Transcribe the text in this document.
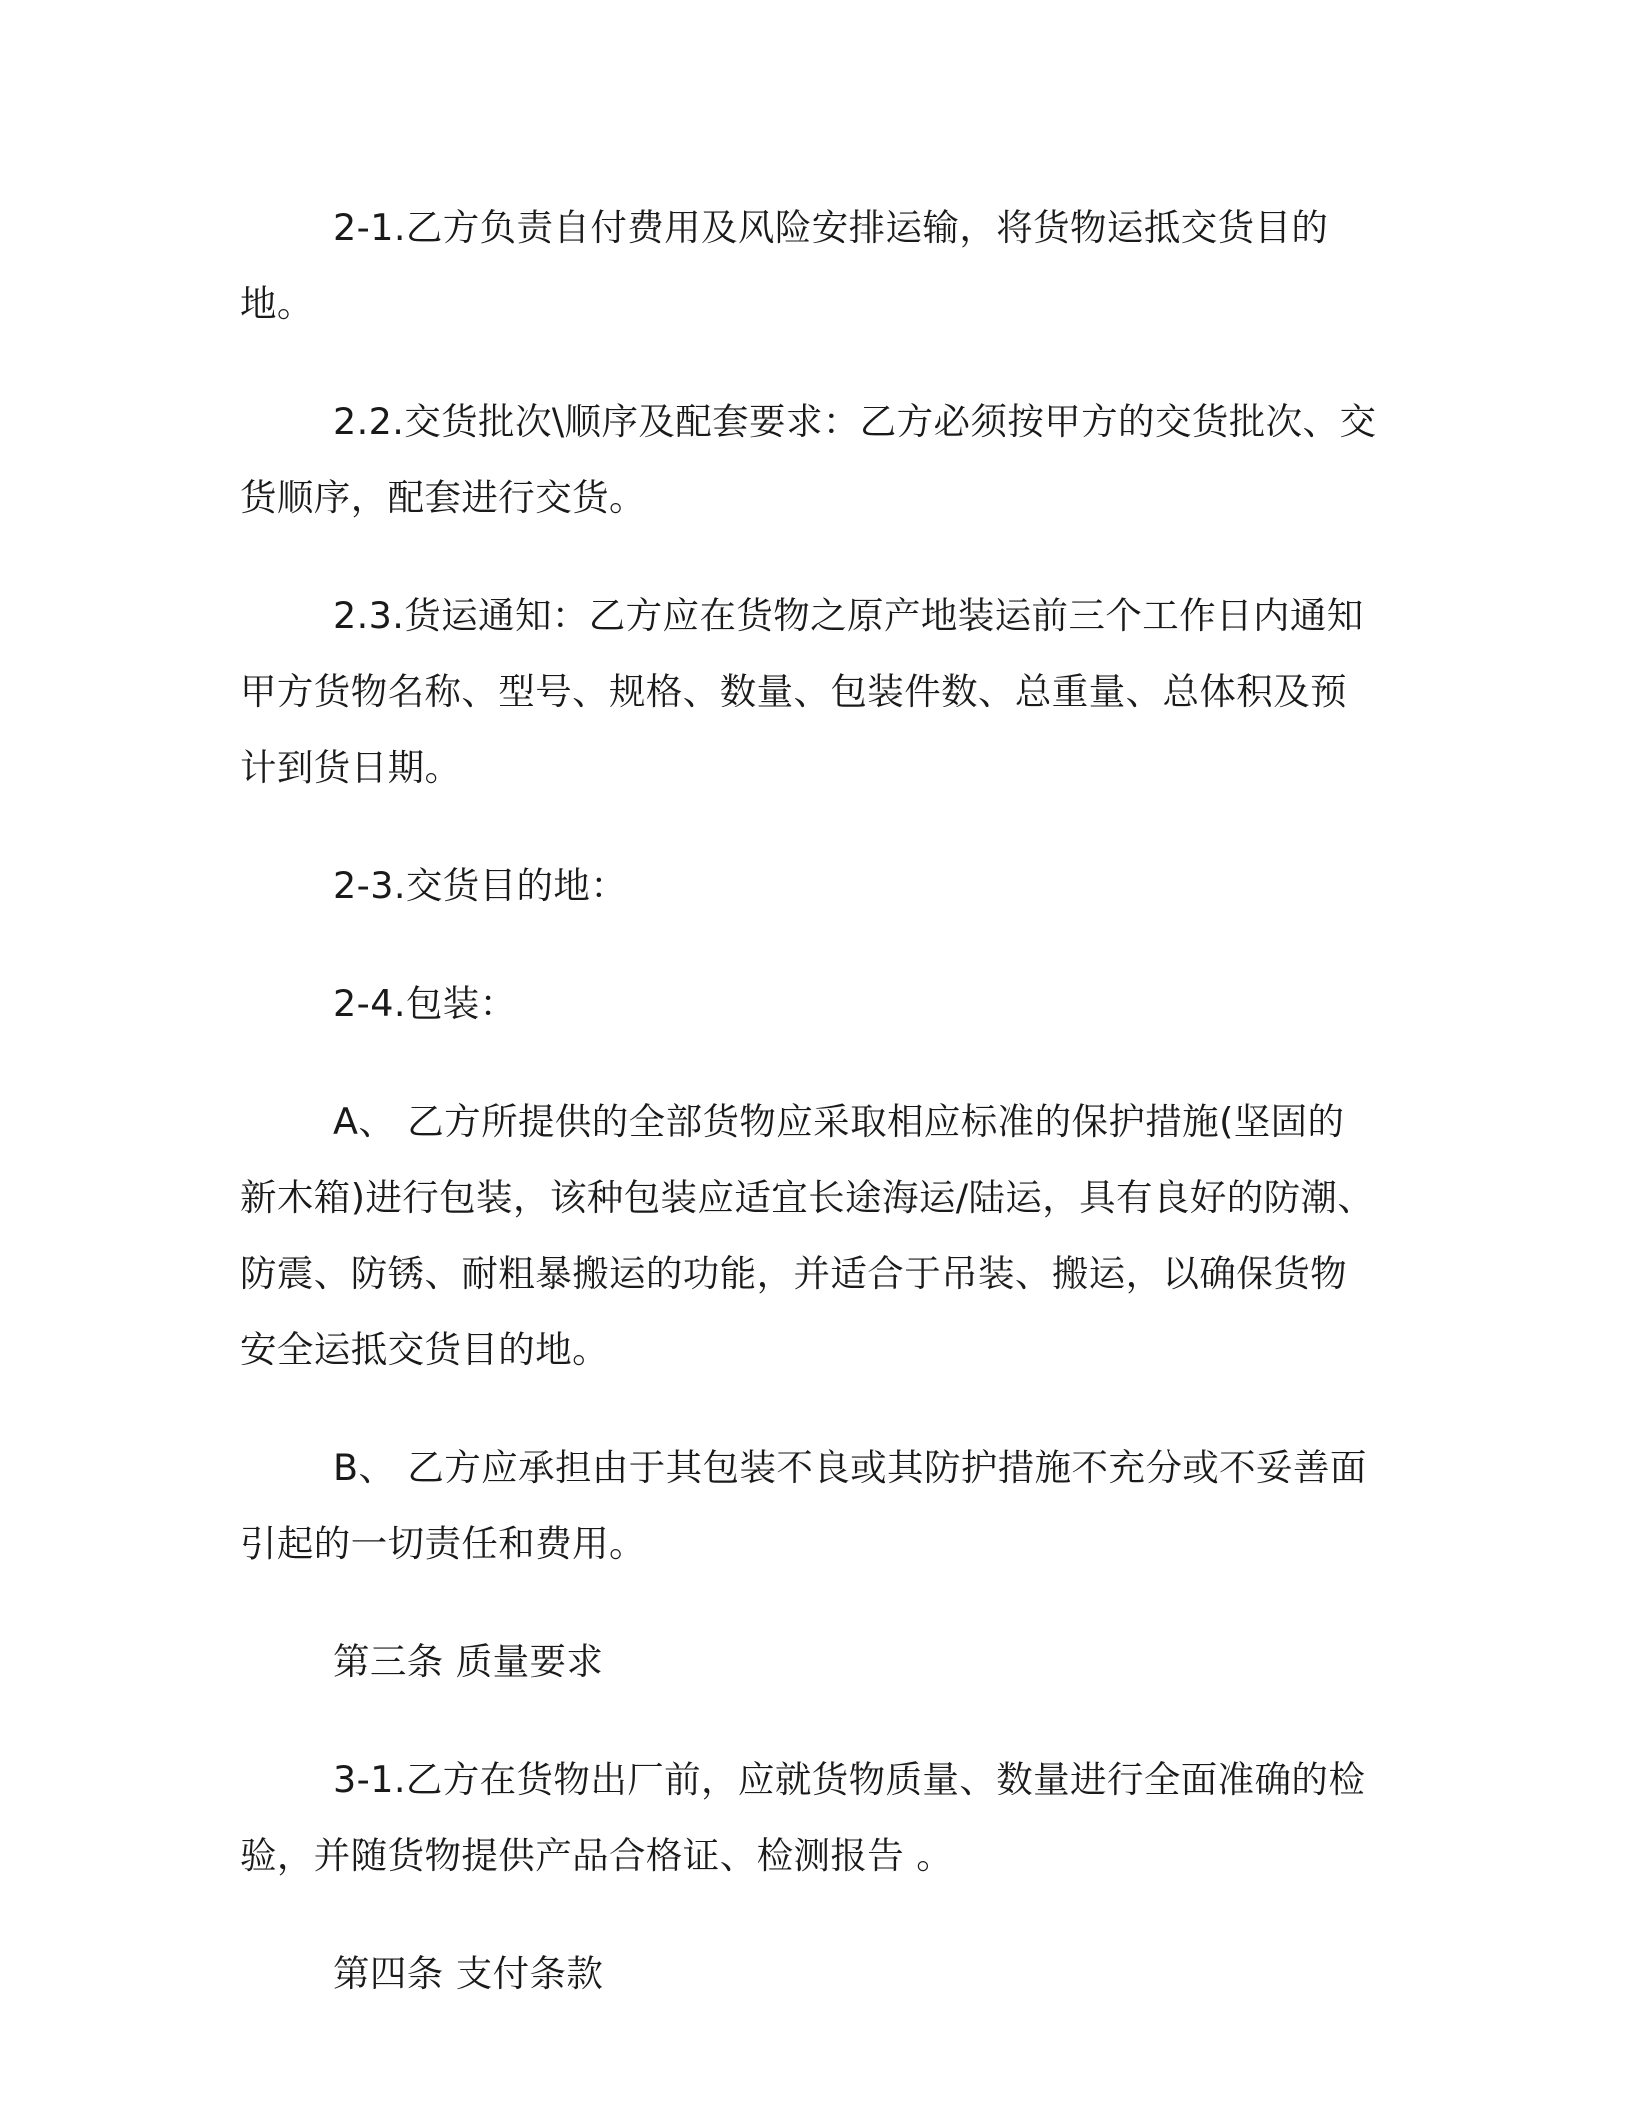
2-1.乙方负责自付费用及风险安排运输，将货物运抵交货目的地。

2.2.交货批次\顺序及配套要求：乙方必须按甲方的交货批次、交货顺序，配套进行交货。

2.3.货运通知：乙方应在货物之原产地装运前三个工作日内通知甲方货物名称、型号、规格、数量、包装件数、总重量、总体积及预计到货日期。

2-3.交货目的地：

2-4.包装：

A、 乙方所提供的全部货物应采取相应标准的保护措施(坚固的新木箱)进行包装，该种包装应适宜长途海运/陆运，具有良好的防潮、防震、防锈、耐粗暴搬运的功能，并适合于吊装、搬运，以确保货物安全运抵交货目的地。

B、 乙方应承担由于其包装不良或其防护措施不充分或不妥善面引起的一切责任和费用。

第三条 质量要求

3-1.乙方在货物出厂前，应就货物质量、数量进行全面准确的检验，并随货物提供产品合格证、检测报告 。

第四条 支付条款
